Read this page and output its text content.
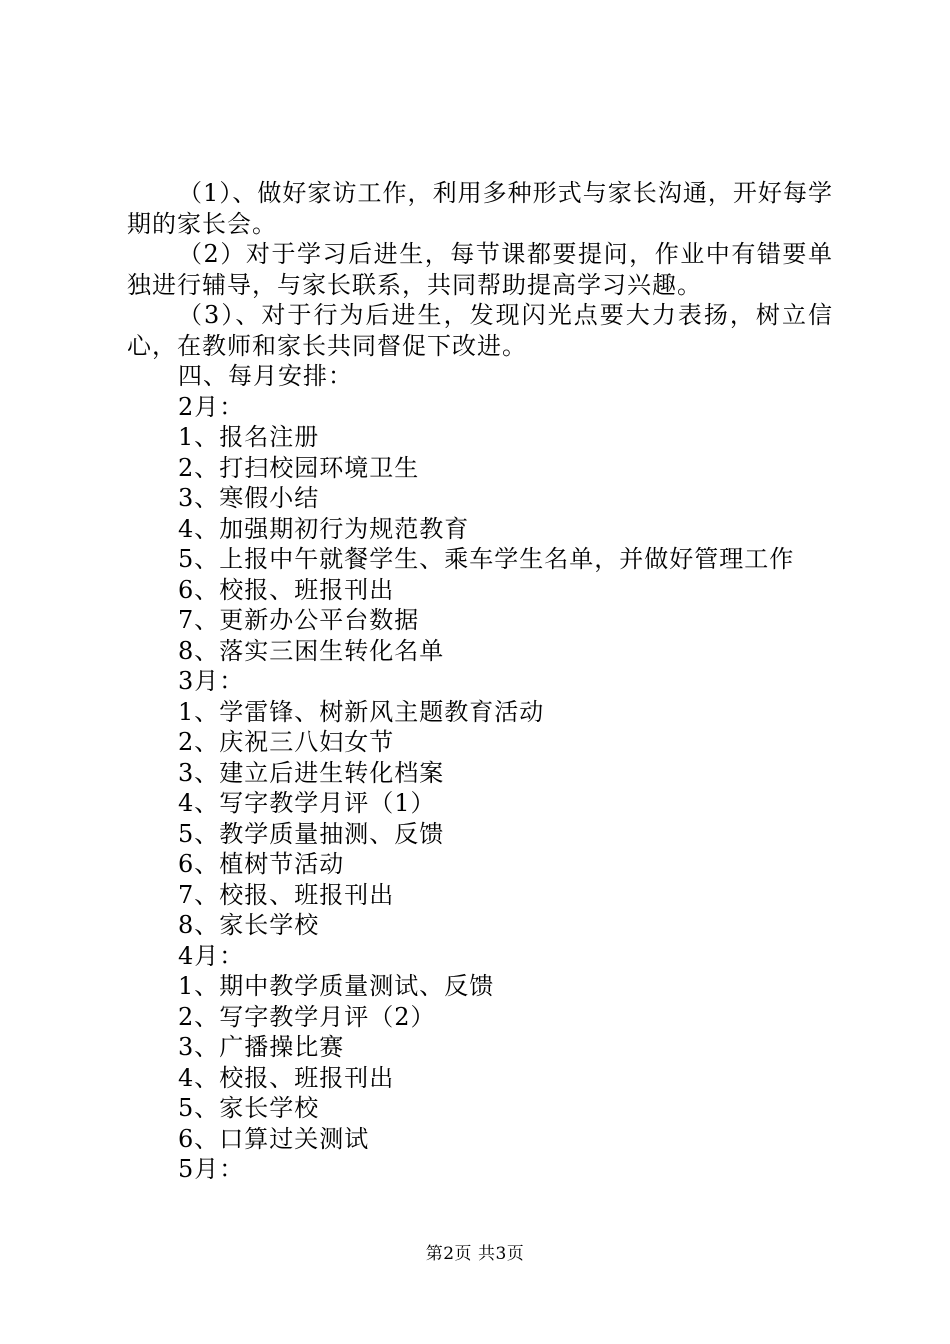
（1）、做好家访工作，利用多种形式与家长沟通，开好每学期的家长会。

（2）对于学习后进生，每节课都要提问，作业中有错要单独进行辅导，与家长联系，共同帮助提高学习兴趣。

（3）、对于行为后进生，发现闪光点要大力表扬，树立信心，在教师和家长共同督促下改进。

四、每月安排：

2月：

1、报名注册

2、打扫校园环境卫生

3、寒假小结

4、加强期初行为规范教育

5、上报中午就餐学生、乘车学生名单，并做好管理工作

6、校报、班报刊出

7、更新办公平台数据

8、落实三困生转化名单

3月：

1、学雷锋、树新风主题教育活动

2、庆祝三八妇女节

3、建立后进生转化档案

4、写字教学月评（1）

5、教学质量抽测、反馈

6、植树节活动

7、校报、班报刊出

8、家长学校

4月：

1、期中教学质量测试、反馈

2、写字教学月评（2）

3、广播操比赛

4、校报、班报刊出

5、家长学校

6、口算过关测试

5月：

第2页 共3页
